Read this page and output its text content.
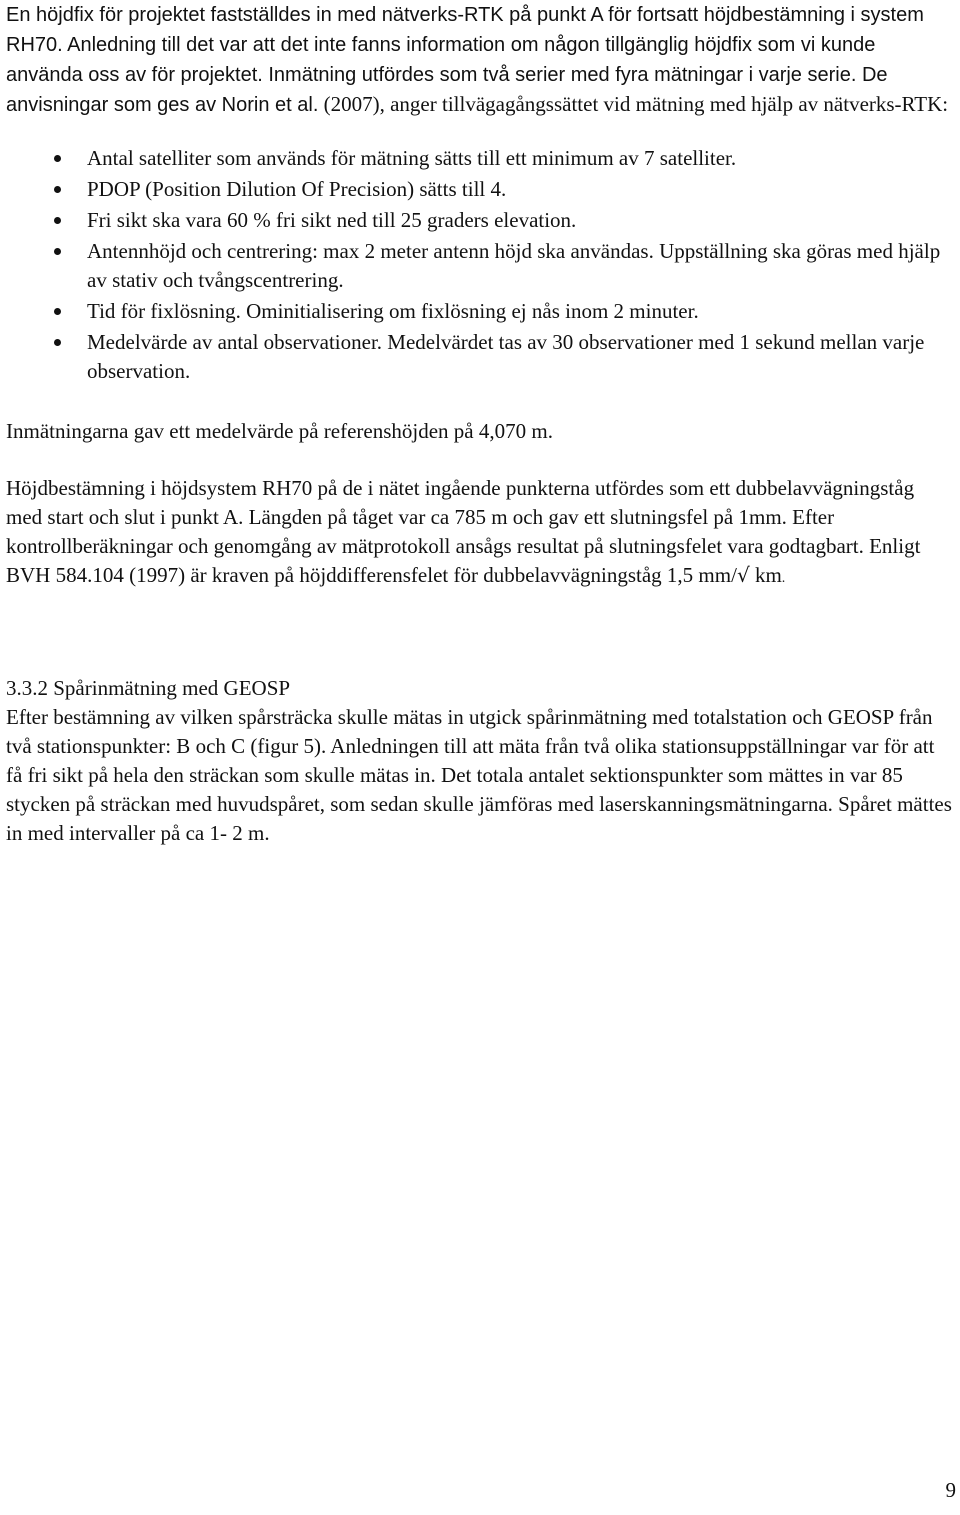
En höjdfix för projektet fastställdes in med nätverks-RTK på punkt A för fortsatt höjdbestämning i system RH70. Anledning till det var att det inte fanns information om någon tillgänglig höjdfix som vi kunde använda oss av för projektet. Inmätning utfördes som två serier med fyra mätningar i varje serie. De anvisningar som ges av Norin et al. (2007), anger tillvägagångssättet vid mätning med hjälp av nätverks-RTK:

Antal satelliter som används för mätning sätts till ett minimum av 7 satelliter.
PDOP (Position Dilution Of Precision) sätts till 4.
Fri sikt ska vara 60 % fri sikt ned till 25 graders elevation.
Antennhöjd och centrering: max 2 meter antenn höjd ska användas. Uppställning ska göras med hjälp av stativ och tvångscentrering.
Tid för fixlösning. Ominitialisering om fixlösning ej nås inom 2 minuter.
Medelvärde av antal observationer. Medelvärdet tas av 30 observationer med 1 sekund mellan varje observation.

Inmätningarna gav ett medelvärde på referenshöjden på 4,070 m.

Höjdbestämning i höjdsystem RH70 på de i nätet ingående punkterna utfördes som ett dubbelavvägningståg med start och slut i punkt A. Längden på tåget var ca 785 m och gav ett slutningsfel på 1mm. Efter kontrollberäkningar och genomgång av mätprotokoll ansågs resultat på slutningsfelet vara godtagbart. Enligt BVH 584.104 (1997) är kraven på höjddifferensfelet för dubbelavvägningståg 1,5 mm/√ km.

3.3.2 Spårinmätning med GEOSP

Efter bestämning av vilken spårsträcka skulle mätas in utgick spårinmätning med totalstation och GEOSP från två stationspunkter: B och C (figur 5). Anledningen till att mäta från två olika stationsuppställningar var för att få fri sikt på hela den sträckan som skulle mätas in. Det totala antalet sektionspunkter som mättes in var 85 stycken på sträckan med huvudspåret, som sedan skulle jämföras med laserskanningsmätningarna. Spåret mättes in med intervaller på ca 1- 2 m.

9
